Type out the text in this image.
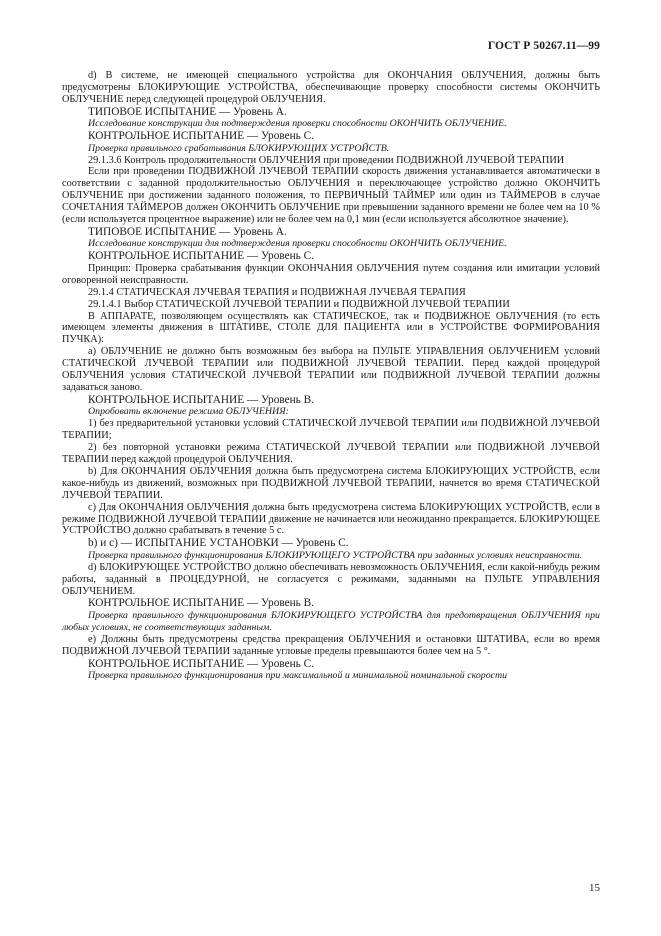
ГОСТ Р 50267.11—99

d) В системе, не имеющей специального устройства для ОКОНЧАНИЯ ОБЛУЧЕНИЯ, должны быть предусмотрены БЛОКИРУЮЩИЕ УСТРОЙСТВА, обеспечивающие проверку способности системы ОКОНЧИТЬ ОБЛУЧЕНИЕ перед следующей процедурой ОБЛУЧЕНИЯ.

ТИПОВОЕ ИСПЫТАНИЕ — Уровень А.

Исследование конструкции для подтверждения проверки способности ОКОНЧИТЬ ОБЛУЧЕНИЕ.

КОНТРОЛЬНОЕ ИСПЫТАНИЕ — Уровень С.

Проверка правильного срабатывания БЛОКИРУЮЩИХ УСТРОЙСТВ.

29.1.3.6 Контроль продолжительности ОБЛУЧЕНИЯ при проведении ПОДВИЖНОЙ ЛУЧЕВОЙ ТЕРАПИИ

Если при проведении ПОДВИЖНОЙ ЛУЧЕВОЙ ТЕРАПИИ скорость движения устанавливается автоматически в соответствии с заданной продолжительностью ОБЛУЧЕНИЯ и переключающее устройство должно ОКОНЧИТЬ ОБЛУЧЕНИЕ при достижении заданного положения, то ПЕРВИЧНЫЙ ТАЙМЕР или один из ТАЙМЕРОВ в случае СОЧЕТАНИЯ ТАЙМЕРОВ должен ОКОНЧИТЬ ОБЛУЧЕНИЕ при превышении заданного времени не более чем на 10 % (если используется процентное выражение) или не более чем на 0,1 мин (если используется абсолютное значение).

ТИПОВОЕ ИСПЫТАНИЕ — Уровень А.

Исследование конструкции для подтверждения проверки способности ОКОНЧИТЬ ОБЛУЧЕНИЕ.

КОНТРОЛЬНОЕ ИСПЫТАНИЕ — Уровень С.

Принцип: Проверка срабатывания функции ОКОНЧАНИЯ ОБЛУЧЕНИЯ путем создания или имитации условий оговоренной неисправности.

29.1.4 СТАТИЧЕСКАЯ ЛУЧЕВАЯ ТЕРАПИЯ и ПОДВИЖНАЯ ЛУЧЕВАЯ ТЕРАПИЯ

29.1.4.1 Выбор СТАТИЧЕСКОЙ ЛУЧЕВОЙ ТЕРАПИИ и ПОДВИЖНОЙ ЛУЧЕВОЙ ТЕРАПИИ

В АППАРАТЕ, позволяющем осуществлять как СТАТИЧЕСКОЕ, так и ПОДВИЖНОЕ ОБЛУЧЕНИЯ (то есть имеющем элементы движения в ШТАТИВЕ, СТОЛЕ ДЛЯ ПАЦИЕНТА или в УСТРОЙСТВЕ ФОРМИРОВАНИЯ ПУЧКА):

а) ОБЛУЧЕНИЕ не должно быть возможным без выбора на ПУЛЬТЕ УПРАВЛЕНИЯ ОБЛУЧЕНИЕМ условий СТАТИЧЕСКОЙ ЛУЧЕВОЙ ТЕРАПИИ или ПОДВИЖНОЙ ЛУЧЕВОЙ ТЕРАПИИ. Перед каждой процедурой ОБЛУЧЕНИЯ условия СТАТИЧЕСКОЙ ЛУЧЕВОЙ ТЕРАПИИ или ПОДВИЖНОЙ ЛУЧЕВОЙ ТЕРАПИИ должны задаваться заново.

КОНТРОЛЬНОЕ ИСПЫТАНИЕ — Уровень В.

Опробовать включение режима ОБЛУЧЕНИЯ:

1) без предварительной установки условий СТАТИЧЕСКОЙ ЛУЧЕВОЙ ТЕРАПИИ или ПОДВИЖНОЙ ЛУЧЕВОЙ ТЕРАПИИ;

2) без повторной установки режима СТАТИЧЕСКОЙ ЛУЧЕВОЙ ТЕРАПИИ или ПОДВИЖНОЙ ЛУЧЕВОЙ ТЕРАПИИ перед каждой процедурой ОБЛУЧЕНИЯ.

b) Для ОКОНЧАНИЯ ОБЛУЧЕНИЯ должна быть предусмотрена система БЛОКИРУЮЩИХ УСТРОЙСТВ, если какое-нибудь из движений, возможных при ПОДВИЖНОЙ ЛУЧЕВОЙ ТЕРАПИИ, начнется во время СТАТИЧЕСКОЙ ЛУЧЕВОЙ ТЕРАПИИ.

с) Для ОКОНЧАНИЯ ОБЛУЧЕНИЯ должна быть предусмотрена система БЛОКИРУЮЩИХ УСТРОЙСТВ, если в режиме ПОДВИЖНОЙ ЛУЧЕВОЙ ТЕРАПИИ движение не начинается или неожиданно прекращается. БЛОКИРУЮЩЕЕ УСТРОЙСТВО должно срабатывать в течение 5 с.

b) и с) — ИСПЫТАНИЕ УСТАНОВКИ — Уровень С.

Проверка правильного функционирования БЛОКИРУЮЩЕГО УСТРОЙСТВА при заданных условиях неисправности.

d) БЛОКИРУЮЩЕЕ УСТРОЙСТВО должно обеспечивать невозможность ОБЛУЧЕНИЯ, если какой-нибудь режим работы, заданный в ПРОЦЕДУРНОЙ, не согласуется с режимами, заданными на ПУЛЬТЕ УПРАВЛЕНИЯ ОБЛУЧЕНИЕМ.

КОНТРОЛЬНОЕ ИСПЫТАНИЕ — Уровень В.

Проверка правильного функционирования БЛОКИРУЮЩЕГО УСТРОЙСТВА для предотвращения ОБЛУЧЕНИЯ при любых условиях, не соответствующих заданным.

е) Должны быть предусмотрены средства прекращения ОБЛУЧЕНИЯ и остановки ШТАТИВА, если во время ПОДВИЖНОЙ ЛУЧЕВОЙ ТЕРАПИИ заданные угловые пределы превышаются более чем на 5 °.

КОНТРОЛЬНОЕ ИСПЫТАНИЕ — Уровень С.

Проверка правильного функционирования при максимальной и минимальной номинальной скорости

15
